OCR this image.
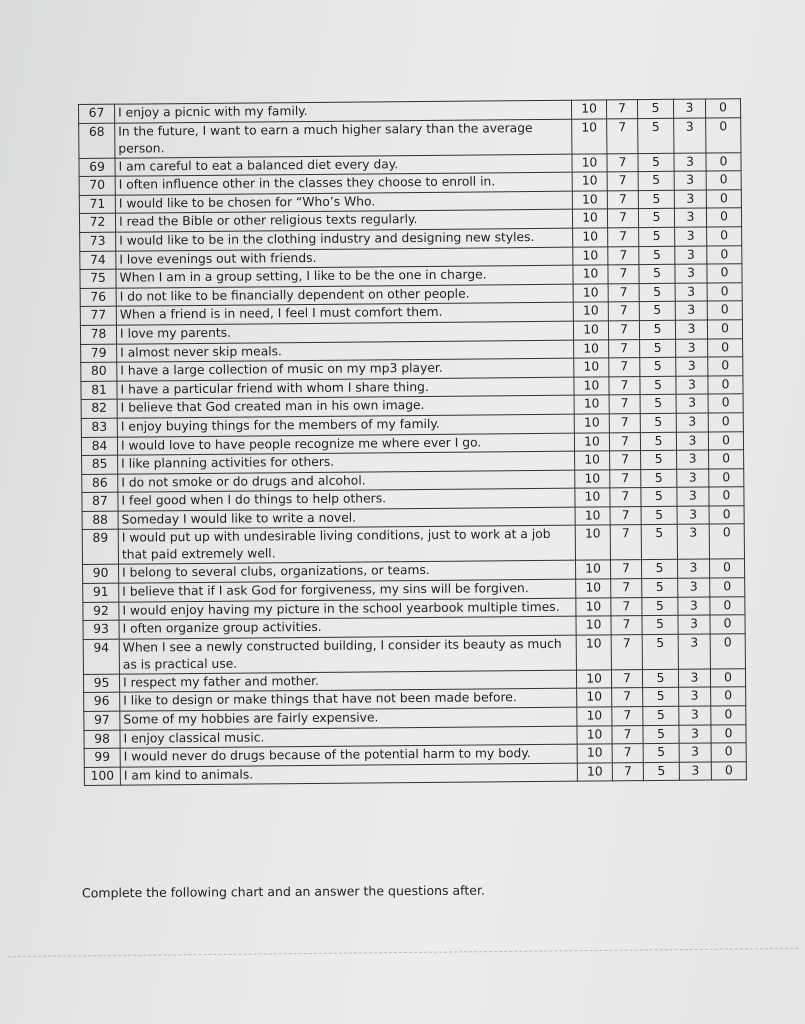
67	I enjoy a picnic with my family.	10	7	5	3	0
68	In the future, I want to earn a much higher salary than the average person.	10	7	5	3	0
69	I am careful to eat a balanced diet every day.	10	7	5	3	0
70	I often influence other in the classes they choose to enroll in.	10	7	5	3	0
71	I would like to be chosen for “Who’s Who.	10	7	5	3	0
72	I read the Bible or other religious texts regularly.	10	7	5	3	0
73	I would like to be in the clothing industry and designing new styles.	10	7	5	3	0
74	I love evenings out with friends.	10	7	5	3	0
75	When I am in a group setting, I like to be the one in charge.	10	7	5	3	0
76	I do not like to be financially dependent on other people.	10	7	5	3	0
77	When a friend is in need, I feel I must comfort them.	10	7	5	3	0
78	I love my parents.	10	7	5	3	0
79	I almost never skip meals.	10	7	5	3	0
80	I have a large collection of music on my mp3 player.	10	7	5	3	0
81	I have a particular friend with whom I share thing.	10	7	5	3	0
82	I believe that God created man in his own image.	10	7	5	3	0
83	I enjoy buying things for the members of my family.	10	7	5	3	0
84	I would love to have people recognize me where ever I go.	10	7	5	3	0
85	I like planning activities for others.	10	7	5	3	0
86	I do not smoke or do drugs and alcohol.	10	7	5	3	0
87	I feel good when I do things to help others.	10	7	5	3	0
88	Someday I would like to write a novel.	10	7	5	3	0
89	I would put up with undesirable living conditions, just to work at a job that paid extremely well.	10	7	5	3	0
90	I belong to several clubs, organizations, or teams.	10	7	5	3	0
91	I believe that if I ask God for forgiveness, my sins will be forgiven.	10	7	5	3	0
92	I would enjoy having my picture in the school yearbook multiple times.	10	7	5	3	0
93	I often organize group activities.	10	7	5	3	0
94	When I see a newly constructed building, I consider its beauty as much as is practical use.	10	7	5	3	0
95	I respect my father and mother.	10	7	5	3	0
96	I like to design or make things that have not been made before.	10	7	5	3	0
97	Some of my hobbies are fairly expensive.	10	7	5	3	0
98	I enjoy classical music.	10	7	5	3	0
99	I would never do drugs because of the potential harm to my body.	10	7	5	3	0
100	I am kind to animals.	10	7	5	3	0
Complete the following chart and an answer the questions after.
